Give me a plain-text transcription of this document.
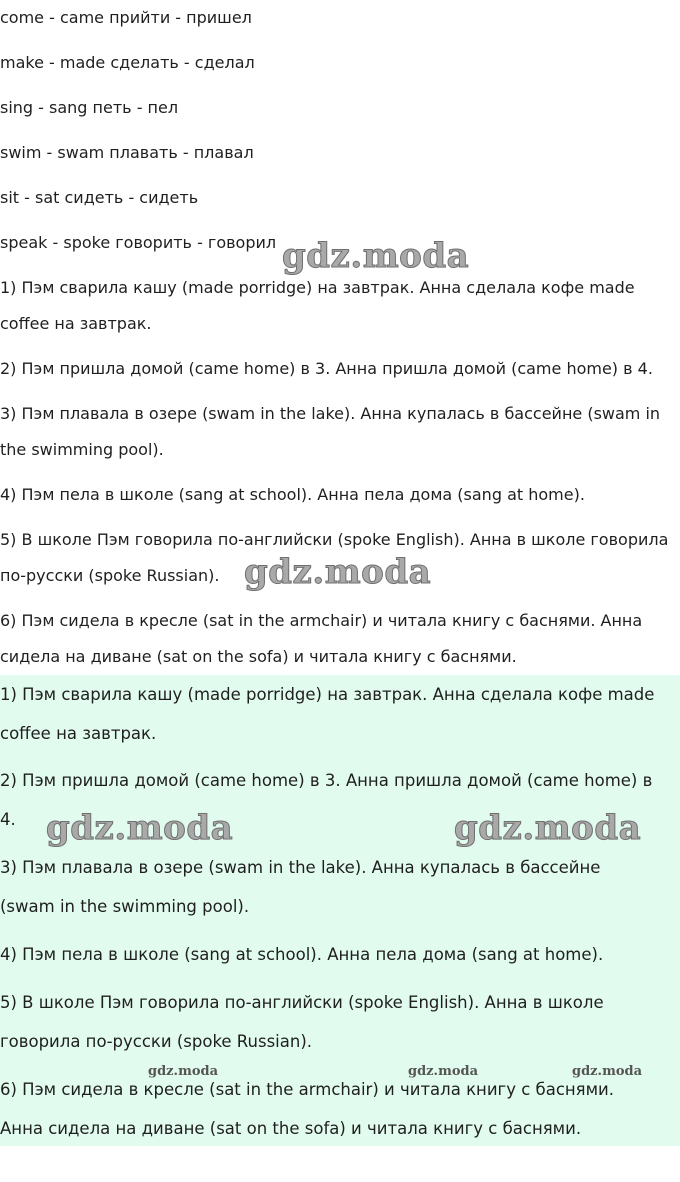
come - came прийти - пришел

make - made сделать - сделал

sing - sang петь - пел

swim - swam плавать - плавал

sit - sat сидеть - сидеть

speak - spoke говорить - говорил

1) Пэм сварила кашу (made porridge) на завтрак. Анна сделала кофе made

coffee на завтрак.

2) Пэм пришла домой (came home) в 3. Анна пришла домой (came home) в 4.

3) Пэм плавала в озере (swam in the lake). Анна купалась в бассейне (swam in

the swimming pool).

4) Пэм пела в школе (sang at school). Анна пела дома (sang at home).

5) В школе Пэм говорила по-английски (spoke English). Анна в школе говорила

по-русски (spoke Russian).

6) Пэм сидела в кресле (sat in the armchair) и читала книгу с баснями. Анна

сидела на диване (sat on the sofa) и читала книгу с баснями.

1) Пэм сварила кашу (made porridge) на завтрак. Анна сделала кофе made

coffee на завтрак.

2) Пэм пришла домой (came home) в 3. Анна пришла домой (came home) в

4.

3) Пэм плавала в озере (swam in the lake). Анна купалась в бассейне

(swam in the swimming pool).

4) Пэм пела в школе (sang at school). Анна пела дома (sang at home).

5) В школе Пэм говорила по-английски (spoke English). Анна в школе

говорила по-русски (spoke Russian).

6) Пэм сидела в кресле (sat in the armchair) и читала книгу с баснями.

Анна сидела на диване (sat on the sofa) и читала книгу с баснями.

gdz.moda
gdz.moda
gdz.moda	gdz.moda
gdz.moda	gdz.moda	gdz.moda
